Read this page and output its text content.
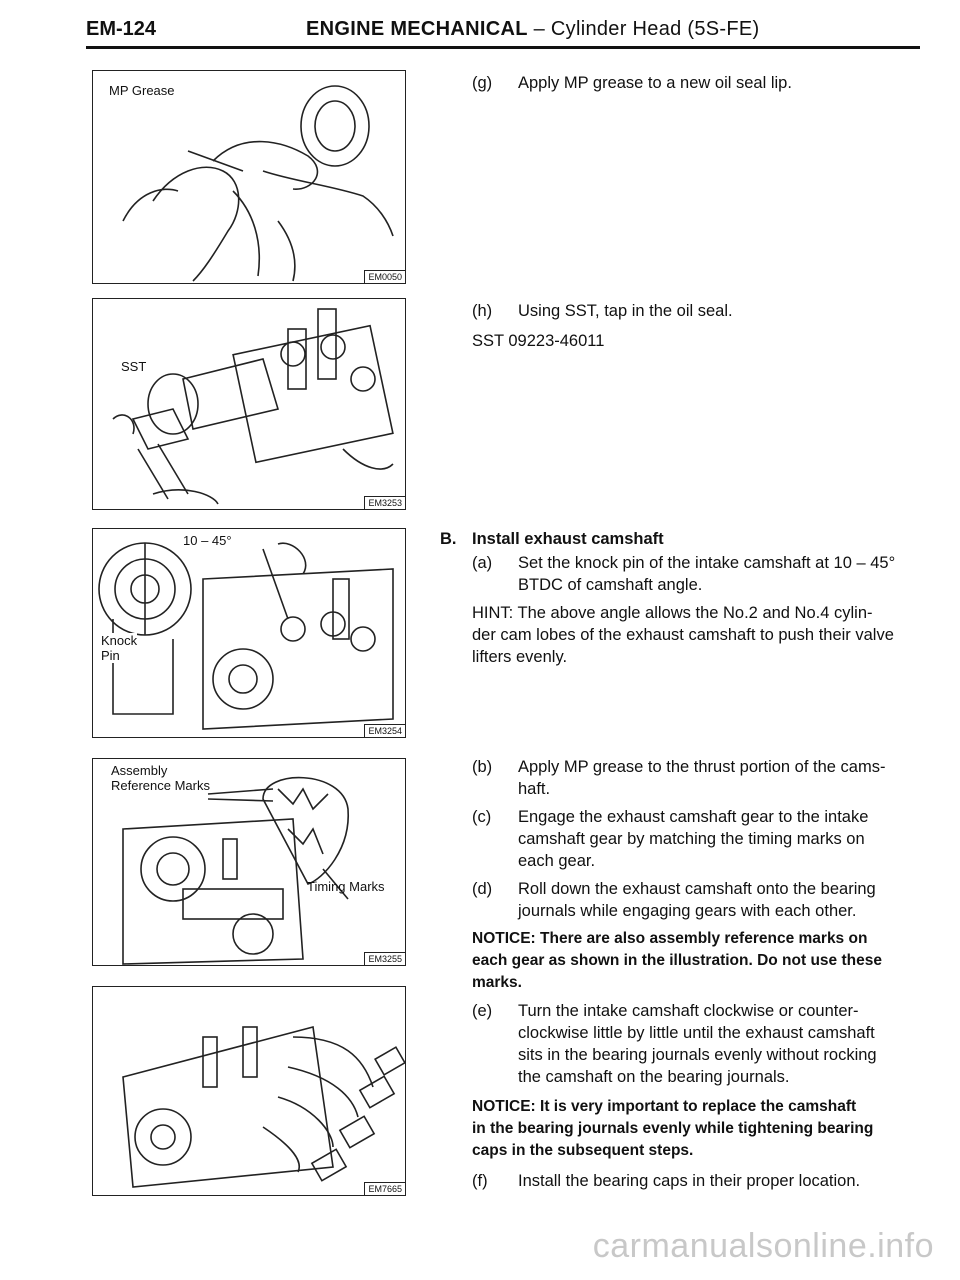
EM-124	ENGINE MECHANICAL – Cylinder Head (5S-FE)
MP Grease
EM0050
SST
EM3253
10 – 45°
Knock
Pin
EM3254
Assembly
Reference Marks
Timing Marks
EM3255
EM7665
(g) Apply MP grease to a new oil seal lip.
(h) Using SST, tap in the oil seal.
SST 09223-46011
B. Install exhaust camshaft
(a) Set the knock pin of the intake camshaft at 10 – 45°
BTDC of camshaft angle.
HINT: The above angle allows the No.2 and No.4 cylin-
der cam lobes of the exhaust camshaft to push their valve
lifters evenly.
(b) Apply MP grease to the thrust portion of the cams-
haft.
(c) Engage the exhaust camshaft gear to the intake
camshaft gear by matching the timing marks on
each gear.
(d) Roll down the exhaust camshaft onto the bearing
journals while engaging gears with each other.
NOTICE: There are also assembly reference marks on
each gear as shown in the illustration. Do not use these
marks.
(e) Turn the intake camshaft clockwise or counter-
clockwise little by little until the exhaust camshaft
sits in the bearing journals evenly without rocking
the camshaft on the bearing journals.
NOTICE: It is very important to replace the camshaft
in the bearing journals evenly while tightening bearing
caps in the subsequent steps.
(f) Install the bearing caps in their proper location.
carmanualsonline.info
